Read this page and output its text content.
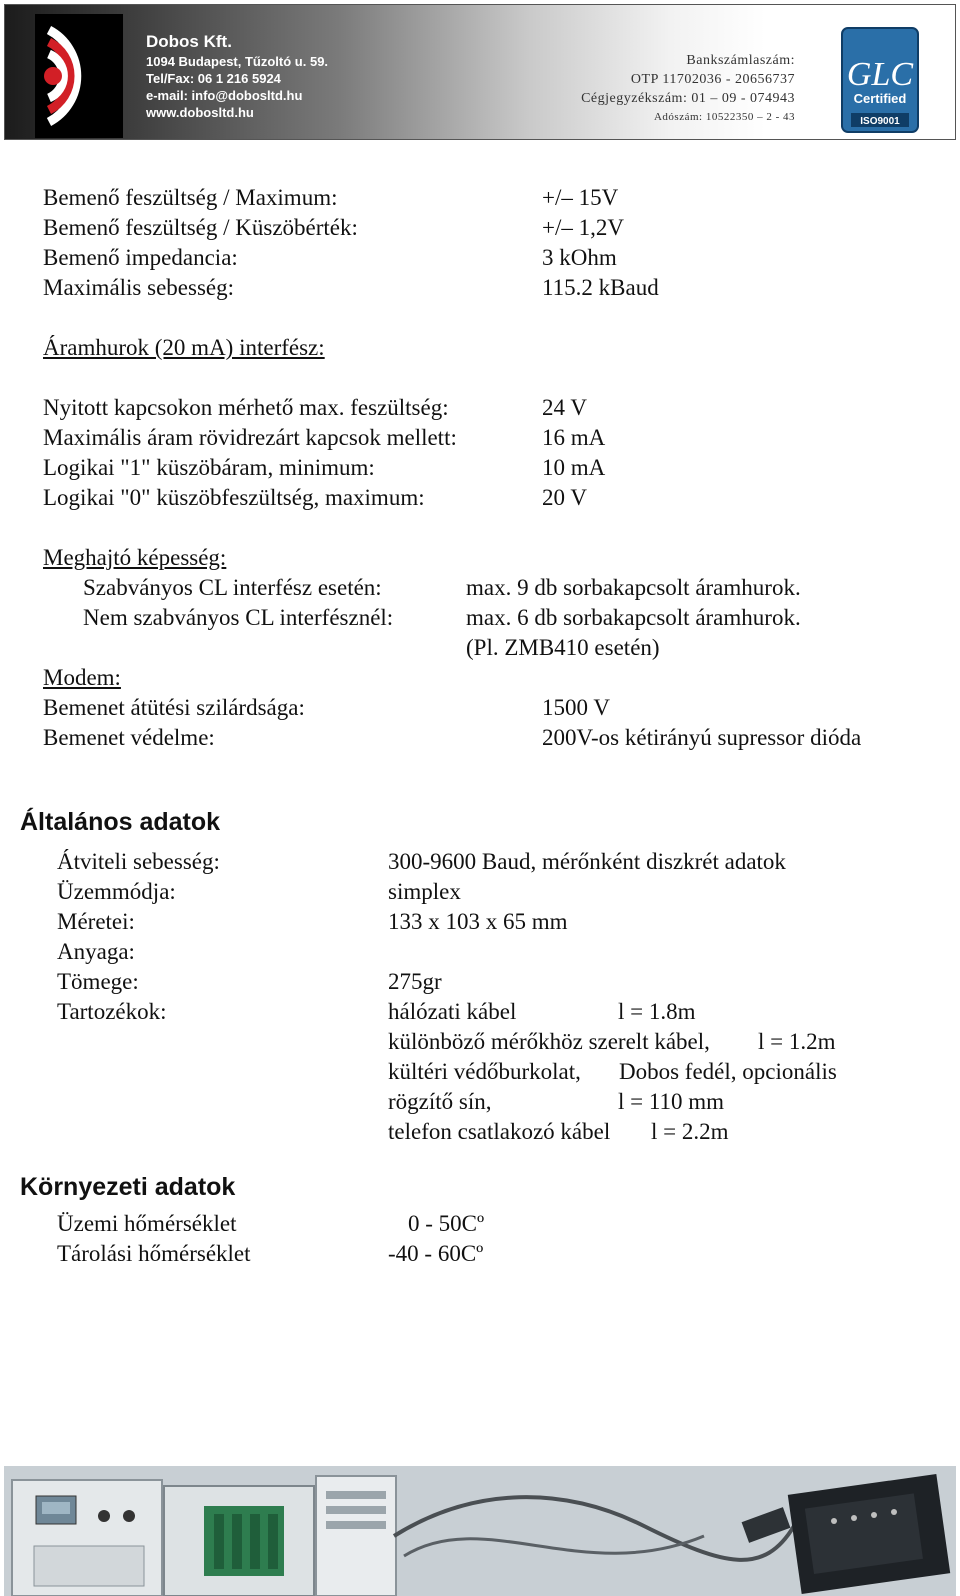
Dobos Kft.
1094 Budapest, Tűzoltó u. 59.
Tel/Fax: 06 1 216 5924
e-mail: info@dobosltd.hu
www.dobosltd.hu
Bankszámlaszám:
OTP 11702036 - 20656737
Cégjegyzékszám: 01 – 09 - 074943
Adószám: 10522350 – 2 - 43
GLC
Certified
ISO9001
Bemenő feszültség / Maximum:	+/– 15V
Bemenő feszültség / Küszöbérték:	+/– 1,2V
Bemenő impedancia:	3 kOhm
Maximális sebesség:	115.2 kBaud
Áramhurok (20 mA) interfész:
Nyitott kapcsokon mérhető max. feszültség:	24 V
Maximális áram rövidrezárt kapcsok mellett:	16 mA
Logikai "1" küszöbáram, minimum:	10 mA
Logikai "0" küszöbfeszültség, maximum:	20 V
Meghajtó képesség:
Szabványos CL interfész esetén:	max. 9 db sorbakapcsolt áramhurok.
Nem szabványos CL interfésznél:	max. 6 db sorbakapcsolt áramhurok.
(Pl. ZMB410 esetén)
Modem:
Bemenet átütési szilárdsága:	1500 V
Bemenet védelme:	200V-os kétirányú supressor dióda
Általános adatok
Átviteli sebesség:	300-9600 Baud, mérőnként diszkrét adatok
Üzemmódja:	simplex
Méretei:	133 x 103 x 65 mm
Anyaga:
Tömege:	275gr
Tartozékok:	hálózati kábel	l = 1.8m
különböző mérőkhöz szerelt kábel, l = 1.2m
kültéri védőburkolat, Dobos fedél, opcionális
rögzítő sín,	l = 110 mm
telefon csatlakozó kábel l = 2.2m
Környezeti adatok
Üzemi hőmérséklet	0 - 50Cº
Tárolási hőmérséklet	-40 - 60Cº
